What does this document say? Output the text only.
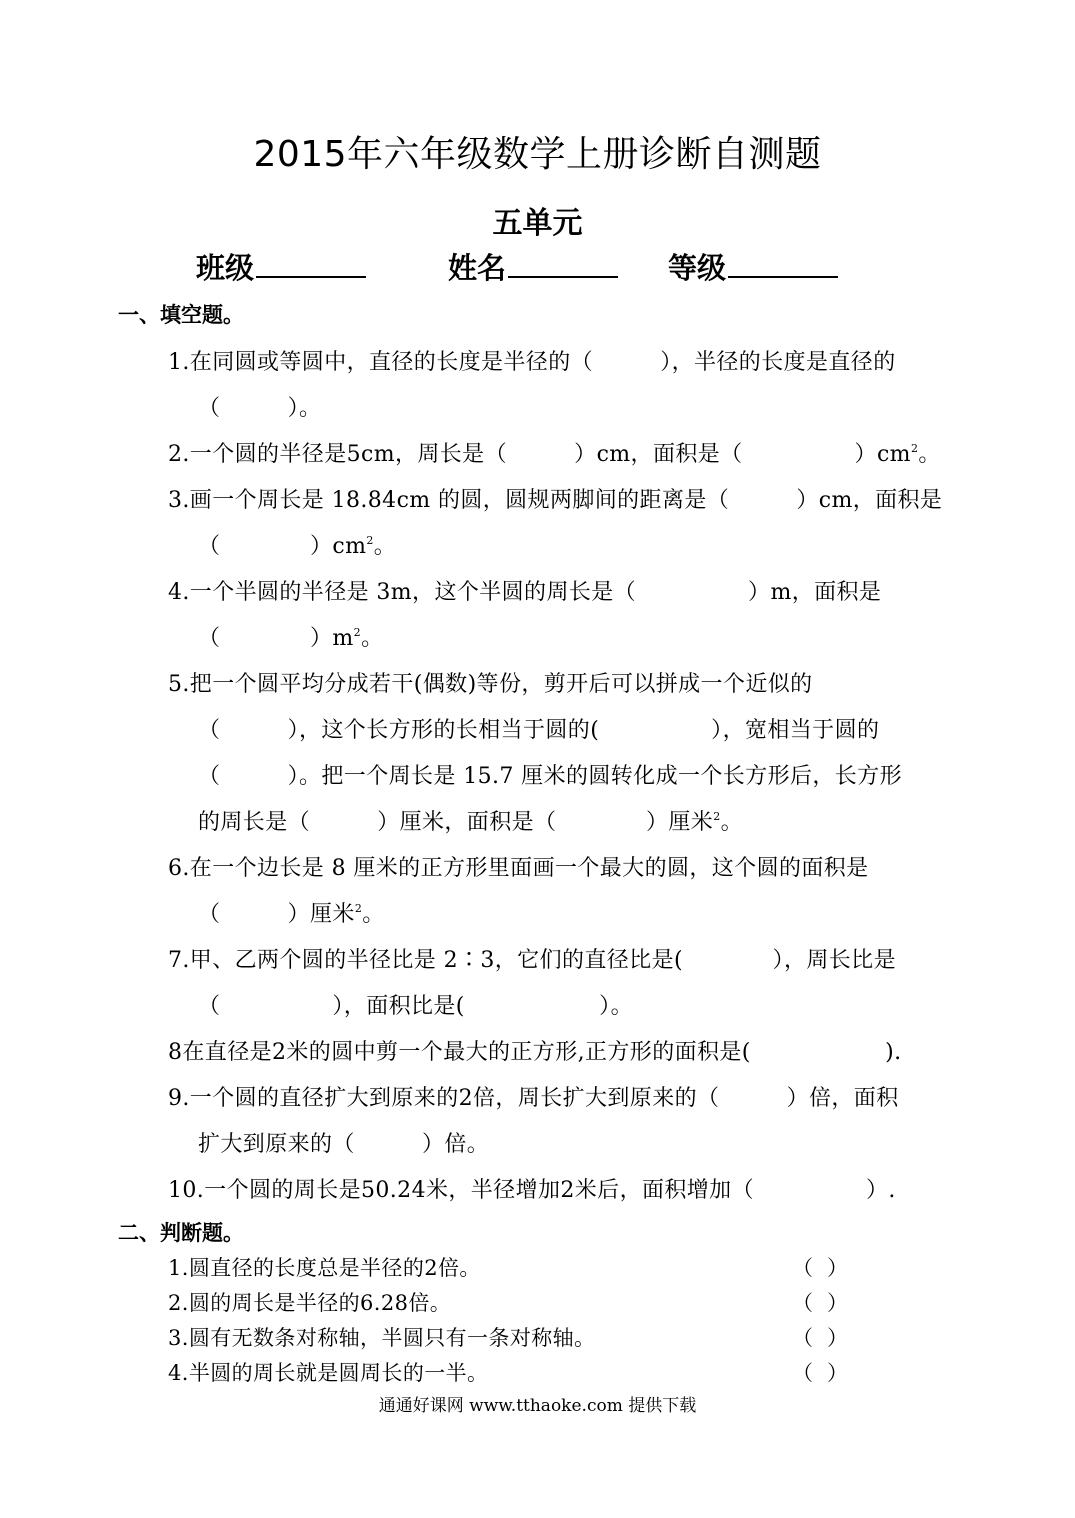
2015年六年级数学上册诊断自测题
五单元
班级	姓名	等级
一、填空题。
1.在同圆或等圆中，直径的长度是半径的（　　　），半径的长度是直径的
（　　　）。
2.一个圆的半径是5cm，周长是（　　　）cm，面积是（　　　　　）$cm^2$。
3.画一个周长是 18.84cm 的圆，圆规两脚间的距离是（　　　）cm，面积是
（　　　　）$cm^2$。
4.一个半圆的半径是 3m，这个半圆的周长是（　　　　　）m，面积是
（　　　　）$m^2$。
5.把一个圆平均分成若干(偶数)等份，剪开后可以拼成一个近似的
（　　　），这个长方形的长相当于圆的(　　　　　），宽相当于圆的
（　　　）。把一个周长是 15.7 厘米的圆转化成一个长方形后，长方形
的周长是（　　　）厘米，面积是（　　　　）厘米$^2$。
6.在一个边长是 8 厘米的正方形里面画一个最大的圆，这个圆的面积是
（　　　）厘米$^2$。
7.甲、乙两个圆的半径比是 2∶3，它们的直径比是(　　　　），周长比是
（　　　　　），面积比是(　　　　　　）。
8在直径是2米的圆中剪一个最大的正方形,正方形的面积是(　　　　　　).
9.一个圆的直径扩大到原来的2倍，周长扩大到原来的（　　　）倍，面积
扩大到原来的（　　　）倍。
10.一个圆的周长是50.24米，半径增加2米后，面积增加（　　　　　）.
二、判断题。
1.圆直径的长度总是半径的2倍。	（）
2.圆的周长是半径的6.28倍。	（）
3.圆有无数条对称轴，半圆只有一条对称轴。	（）
4.半圆的周长就是圆周长的一半。	（）
通通好课网 www.tthaoke.com 提供下载
